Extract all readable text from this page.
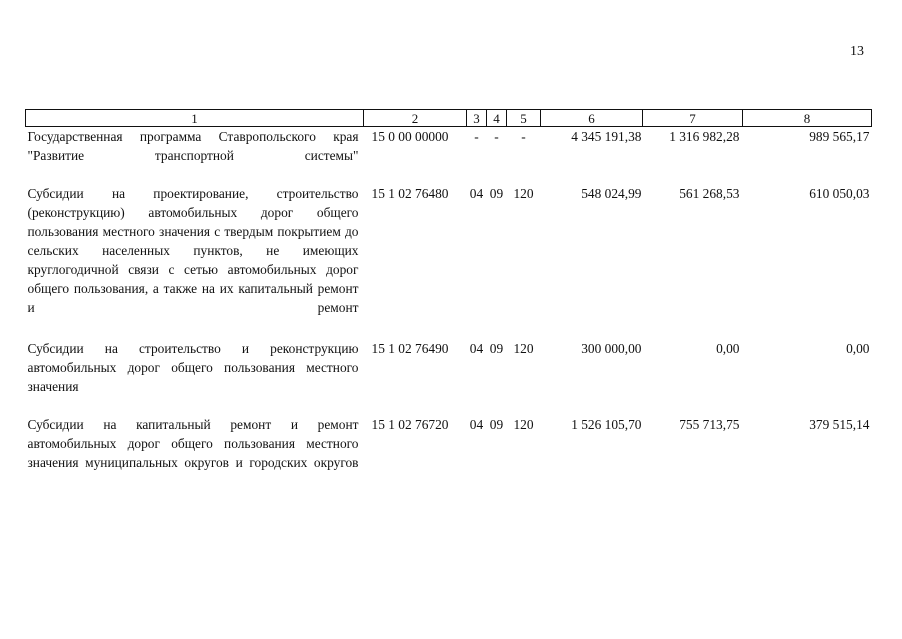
13
1	2	3	4	5	6	7	8

Государственная программа Ставропольского края "Развитие транспортной системы"	15 0 00 00000	-	-	-	4 345 191,38	1 316 982,28	989 565,17

Субсидии на проектирование, строительство (реконструкцию) автомобильных дорог общего пользования местного значения с твердым покрытием до сельских населенных пунктов, не имеющих круглогодичной связи с сетью автомобильных дорог общего пользования, а также на их капитальный ремонт и ремонт	15 1 02 76480	04	09	120	548 024,99	561 268,53	610 050,03

Субсидии на строительство и реконструкцию автомобильных дорог общего пользования местного значения	15 1 02 76490	04	09	120	300 000,00	0,00	0,00

Субсидии на капитальный ремонт и ремонт автомобильных дорог общего пользования местного значения муниципальных округов и городских округов	15 1 02 76720	04	09	120	1 526 105,70	755 713,75	379 515,14
